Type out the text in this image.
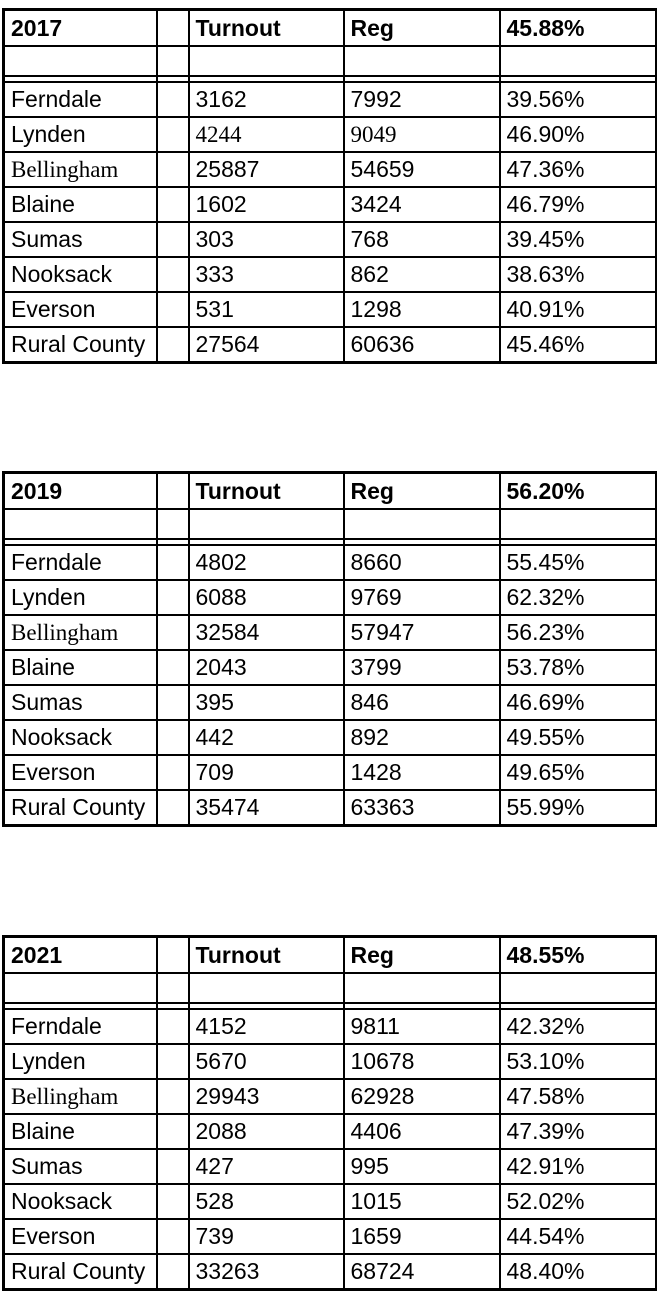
2017		Turnout	Reg	45.88%

Ferndale		3162	7992	39.56%
Lynden		4244	9049	46.90%
Bellingham		25887	54659	47.36%
Blaine		1602	3424	46.79%
Sumas		303	768	39.45%
Nooksack		333	862	38.63%
Everson		531	1298	40.91%
Rural County		27564	60636	45.46%
2019		Turnout	Reg	56.20%

Ferndale		4802	8660	55.45%
Lynden		6088	9769	62.32%
Bellingham		32584	57947	56.23%
Blaine		2043	3799	53.78%
Sumas		395	846	46.69%
Nooksack		442	892	49.55%
Everson		709	1428	49.65%
Rural County		35474	63363	55.99%
2021		Turnout	Reg	48.55%

Ferndale		4152	9811	42.32%
Lynden		5670	10678	53.10%
Bellingham		29943	62928	47.58%
Blaine		2088	4406	47.39%
Sumas		427	995	42.91%
Nooksack		528	1015	52.02%
Everson		739	1659	44.54%
Rural County		33263	68724	48.40%
